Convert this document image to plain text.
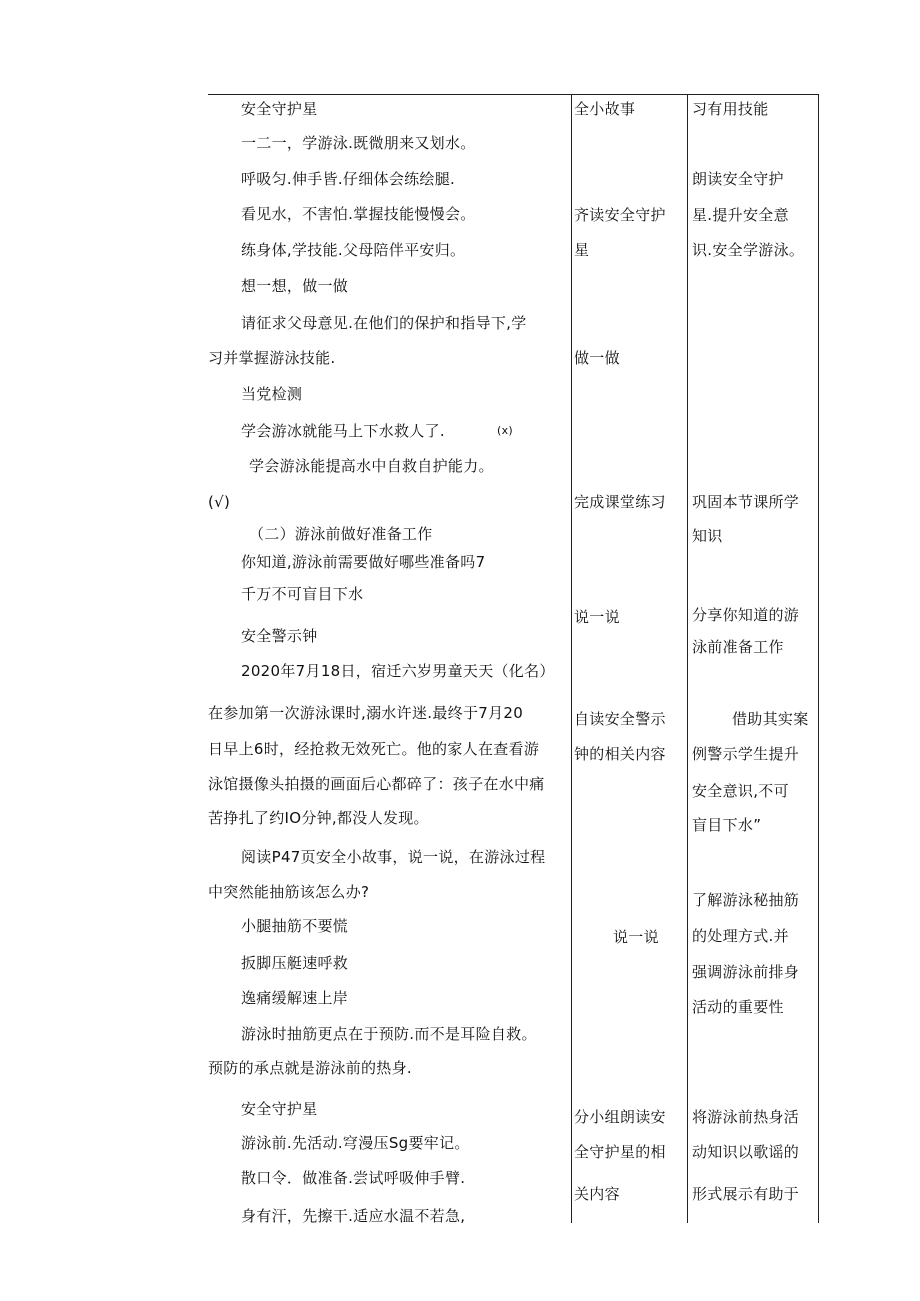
安全守护星
一二一，学游泳.既微朋来又划水。
呼吸匀.伸手皆.仔细体会练绘腿.
看见水，不害怕.掌握技能慢慢会。
练身体,学技能.父母陪伴平安归。
想一想，做一做
请征求父母意见.在他们的保护和指导下,学
习并掌握游泳技能.
当党检测
学会游冰就能马上下水救人了.	(x)
学会游泳能提高水中自救自护能力。
(√)
（二）游泳前做好准备工作
你知道,游泳前需要做好哪些准备吗7
千万不可盲目下水
安全警示钟
2020年7月18日，宿迁六岁男童天天（化名）
在参加第一次游泳课时,溺水许迷.最终于7月20
日早上6时，经抢救无效死亡。他的家人在查看游
泳馆摄像头拍摄的画面后心都碎了：孩子在水中痛
苦挣扎了约IO分钟,都没人发现。
阅读P47页安全小故事，说一说，在游泳过程
中突然能抽筋该怎么办?
小腿抽筋不要慌
扳脚压艇速呼救
逸痛缓解速上岸
游泳时抽筋更点在于预防.而不是耳险自救。
预防的承点就是游泳前的热身.
安全守护星
游泳前.先活动.穹漫压Sg要牢记。
散口令．做准备.尝试呼吸伸手臂.
身有汗，先擦干.适应水温不若急,
全小故事
齐读安全守护
星
做一做
完成课堂练习
说一说
自读安全警示
钟的相关内容
说一说
分小组朗读安
全守护星的相
关内容
习有用技能
朗读安全守护
星.提升安全意
识.安全学游泳。
巩固本节课所学
知识
分享你知道的游
泳前准备工作
借助其实案
例警示学生提升
安全意识,不可
盲目下水”
了解游泳秘抽筋
的处理方式.并
强调游泳前排身
活动的重要性
将游泳前热身活
动知识以歌谣的
形式展示有助于
